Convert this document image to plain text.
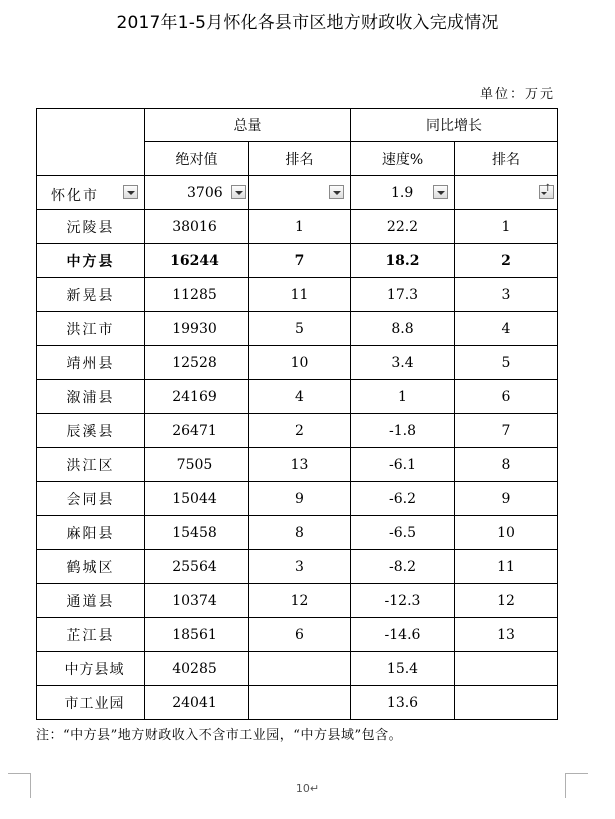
2017年1-5月怀化各县市区地方财政收入完成情况
单位：万元
	总量		同比增长	
	绝对值	排名	速度%	排名

怀化市	3706		1.9

↑

沅陵县	38016	1	22.2	1
中方县	16244	7	18.2	2
新晃县	11285	11	17.3	3
洪江市	19930	5	8.8	4
靖州县	12528	10	3.4	5
溆浦县	24169	4	1	6
辰溪县	26471	2	-1.8	7
洪江区	7505	13	-6.1	8
会同县	15044	9	-6.2	9
麻阳县	15458	8	-6.5	10
鹤城区	25564	3	-8.2	11
通道县	10374	12	-12.3	12
芷江县	18561	6	-14.6	13
中方县域	40285		15.4	
市工业园	24041		13.6	
注：“中方县”地方财政收入不含市工业园，“中方县域”包含。
10↵
